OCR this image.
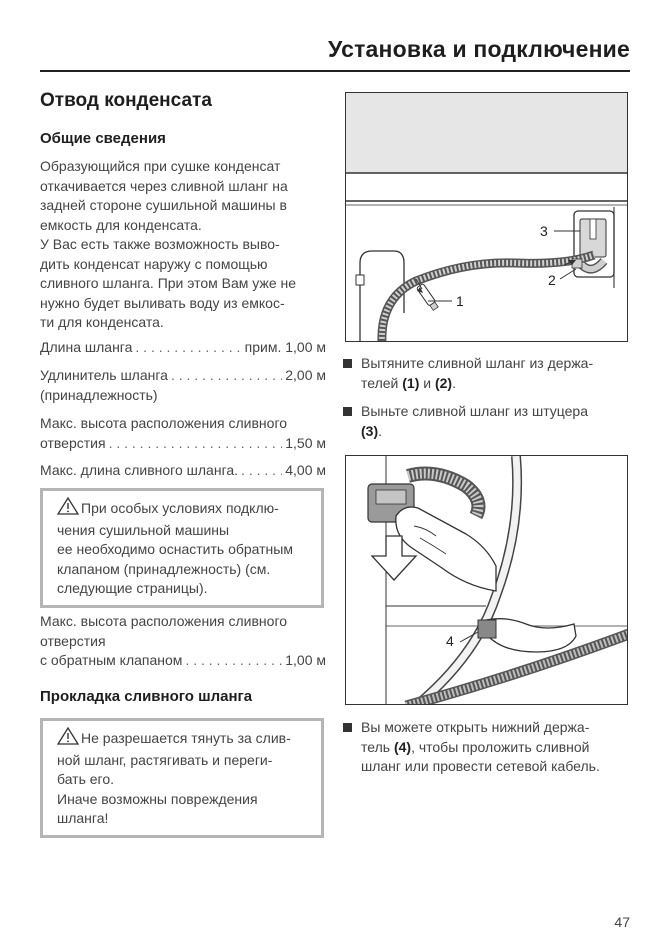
Установка и подключение
Отвод конденсата
Общие сведения
Образующийся при сушке конденсат
откачивается через сливной шланг на
задней стороне сушильной машины в
емкость для конденсата.
У Вас есть также возможность выво-
дить конденсат наружу с помощью
сливного шланга. При этом Вам уже не
нужно будет выливать воду из емкос-
ти для конденсата.
Длина шланга . . .	прим. 1,00 м
Удлинитель шланга . . .	2,00 м
(принадлежность)
Макс. высота расположения сливного
отверстия . . .	1,50 м
Макс. длина сливного шланга. . . .	4,00 м
При особых условиях подклю-
чения сушильной машины
ее необходимо оснастить обратным
клапаном (принадлежность) (см.
следующие страницы).
Макс. высота расположения сливного
отверстия
с обратным клапаном . . .	1,00 м
Прокладка сливного шланга
Не разрешается тянуть за слив-
ной шланг, растягивать и переги-
бать его.
Иначе возможны повреждения
шланга!
1
2
3
Вытяните сливной шланг из держа-
телей (1) и (2).
Выньте сливной шланг из штуцера
(3).
4
Вы можете открыть нижний держа-
тель (4), чтобы проложить сливной
шланг или провести сетевой кабель.
47
